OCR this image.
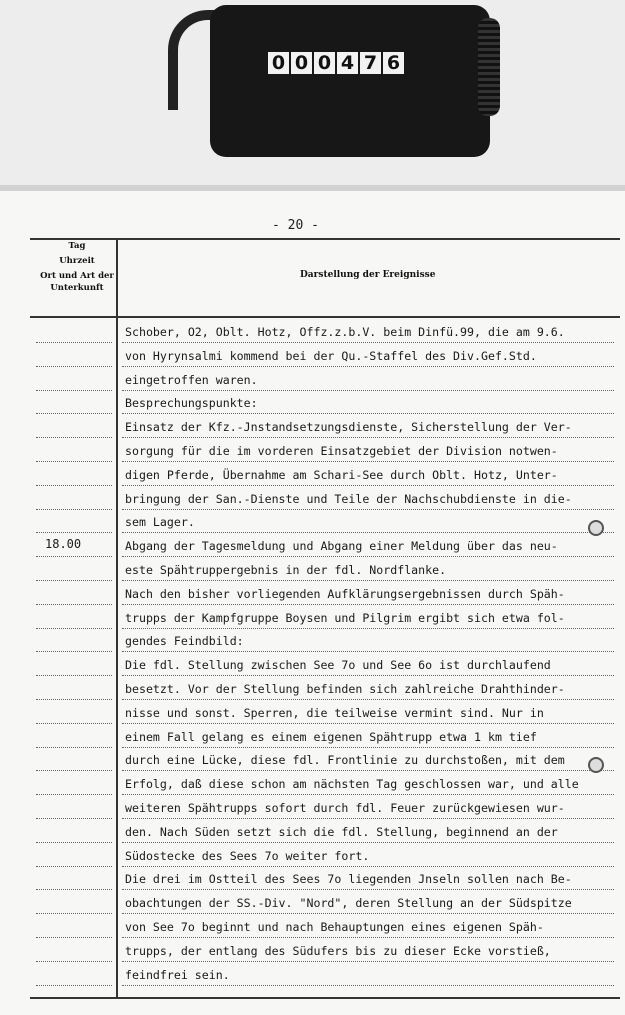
0 0 0 4 7 6
- 20 -
Tag
Uhrzeit
Ort und Art der Unterkunft
Darstellung der Ereignisse
18.00
Schober, O2, Oblt. Hotz, Offz.z.b.V. beim Dinfü.99, die am 9.6.
von Hyrynsalmi kommend bei der Qu.-Staffel des Div.Gef.Std.
eingetroffen waren.
Besprechungspunkte:
Einsatz der Kfz.-Jnstandsetzungsdienste, Sicherstellung der Ver-
sorgung für die im vorderen Einsatzgebiet der Division notwen-
digen Pferde, Übernahme am Schari-See durch Oblt. Hotz, Unter-
bringung der San.-Dienste und Teile der Nachschubdienste in die-
sem Lager.
Abgang der Tagesmeldung und Abgang einer Meldung über das neu-
este Spähtruppergebnis in der fdl. Nordflanke.
Nach den bisher vorliegenden Aufklärungsergebnissen durch Späh-
trupps der Kampfgruppe Boysen und Pilgrim ergibt sich etwa fol-
gendes Feindbild:
Die fdl. Stellung zwischen See 7o und See 6o ist durchlaufend
besetzt. Vor der Stellung befinden sich zahlreiche Drahthinder-
nisse und sonst. Sperren, die teilweise vermint sind. Nur in
einem Fall gelang es einem eigenen Spähtrupp etwa 1 km tief
durch eine Lücke, diese fdl. Frontlinie zu durchstoßen, mit dem
Erfolg, daß diese schon am nächsten Tag geschlossen war, und alle
weiteren Spähtrupps sofort durch fdl. Feuer zurückgewiesen wur-
den. Nach Süden setzt sich die fdl. Stellung, beginnend an der
Südostecke des Sees 7o weiter fort.
Die drei im Ostteil des Sees 7o liegenden Jnseln sollen nach Be-
obachtungen der SS.-Div. "Nord", deren Stellung an der Südspitze
von See 7o beginnt und nach Behauptungen eines eigenen Späh-
trupps, der entlang des Südufers bis zu dieser Ecke vorstieß,
feindfrei sein.
